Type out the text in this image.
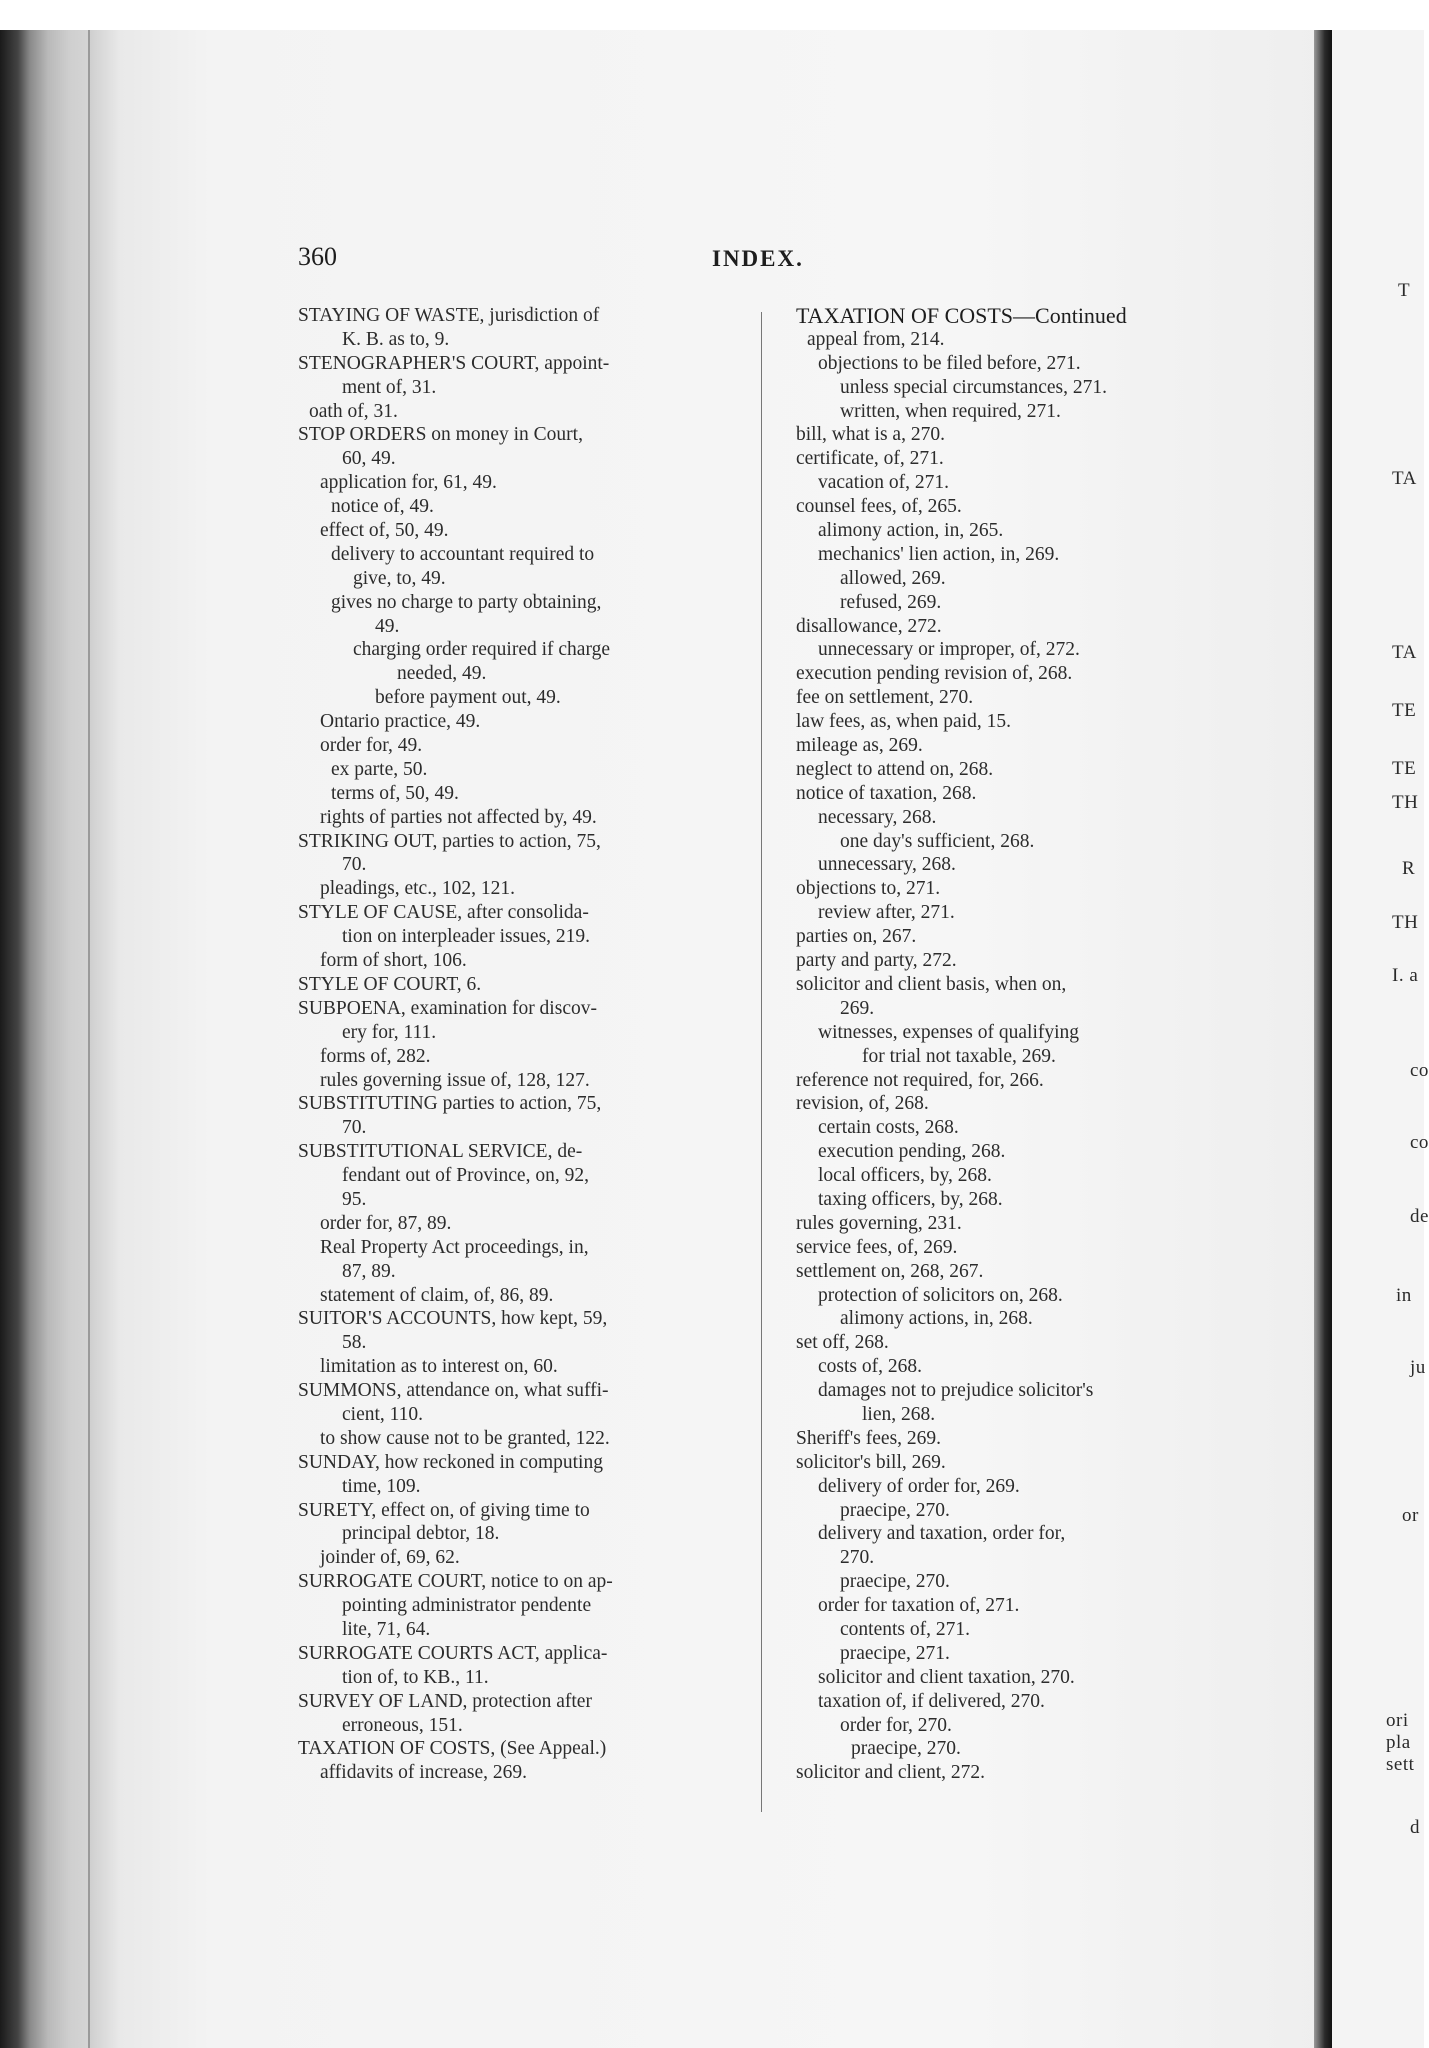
T
TA
TA
TE
TE
TH
R
TH
I. a
co
co
de
in
ju
or
ori
pla
sett
d
360	INDEX.
STAYING OF WASTE, jurisdiction of
K. B. as to, 9.
STENOGRAPHER'S COURT, appoint-
ment of, 31.
oath of, 31.
STOP ORDERS on money in Court,
60, 49.
application for, 61, 49.
notice of, 49.
effect of, 50, 49.
delivery to accountant required to
give, to, 49.
gives no charge to party obtaining,
49.
charging order required if charge
needed, 49.
before payment out, 49.
Ontario practice, 49.
order for, 49.
ex parte, 50.
terms of, 50, 49.
rights of parties not affected by, 49.
STRIKING OUT, parties to action, 75,
70.
pleadings, etc., 102, 121.
STYLE OF CAUSE, after consolida-
tion on interpleader issues, 219.
form of short, 106.
STYLE OF COURT, 6.
SUBPOENA, examination for discov-
ery for, 111.
forms of, 282.
rules governing issue of, 128, 127.
SUBSTITUTING parties to action, 75,
70.
SUBSTITUTIONAL SERVICE, de-
fendant out of Province, on, 92,
95.
order for, 87, 89.
Real Property Act proceedings, in,
87, 89.
statement of claim, of, 86, 89.
SUITOR'S ACCOUNTS, how kept, 59,
58.
limitation as to interest on, 60.
SUMMONS, attendance on, what suffi-
cient, 110.
to show cause not to be granted, 122.
SUNDAY, how reckoned in computing
time, 109.
SURETY, effect on, of giving time to
principal debtor, 18.
joinder of, 69, 62.
SURROGATE COURT, notice to on ap-
pointing administrator pendente
lite, 71, 64.
SURROGATE COURTS ACT, applica-
tion of, to KB., 11.
SURVEY OF LAND, protection after
erroneous, 151.
TAXATION OF COSTS, (See Appeal.)
affidavits of increase, 269.
TAXATION OF COSTS—Continued
appeal from, 214.
objections to be filed before, 271.
unless special circumstances, 271.
written, when required, 271.
bill, what is a, 270.
certificate, of, 271.
vacation of, 271.
counsel fees, of, 265.
alimony action, in, 265.
mechanics' lien action, in, 269.
allowed, 269.
refused, 269.
disallowance, 272.
unnecessary or improper, of, 272.
execution pending revision of, 268.
fee on settlement, 270.
law fees, as, when paid, 15.
mileage as, 269.
neglect to attend on, 268.
notice of taxation, 268.
necessary, 268.
one day's sufficient, 268.
unnecessary, 268.
objections to, 271.
review after, 271.
parties on, 267.
party and party, 272.
solicitor and client basis, when on,
269.
witnesses, expenses of qualifying
for trial not taxable, 269.
reference not required, for, 266.
revision, of, 268.
certain costs, 268.
execution pending, 268.
local officers, by, 268.
taxing officers, by, 268.
rules governing, 231.
service fees, of, 269.
settlement on, 268, 267.
protection of solicitors on, 268.
alimony actions, in, 268.
set off, 268.
costs of, 268.
damages not to prejudice solicitor's
lien, 268.
Sheriff's fees, 269.
solicitor's bill, 269.
delivery of order for, 269.
praecipe, 270.
delivery and taxation, order for,
270.
praecipe, 270.
order for taxation of, 271.
contents of, 271.
praecipe, 271.
solicitor and client taxation, 270.
taxation of, if delivered, 270.
order for, 270.
praecipe, 270.
solicitor and client, 272.
